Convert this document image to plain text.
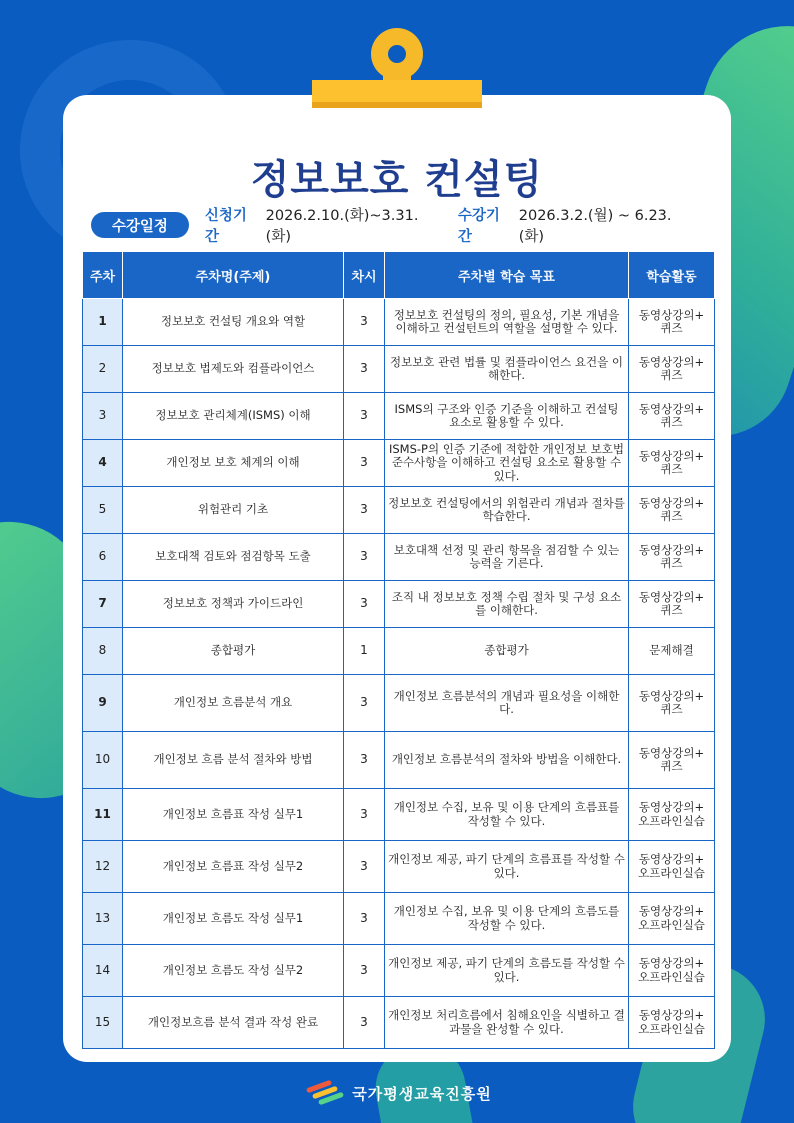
정보보호 컨설팅
수강일정
신청기간
2026.2.10.(화)~3.31.(화)
수강기간
2026.3.2.(월) ~ 6.23.(화)
주차	주차명(주제)	차시	주차별 학습 목표	학습활동
1	정보보호 컨설팅 개요와 역할	3	정보보호 컨설팅의 정의, 필요성, 기본 개념을 이해하고 컨설턴트의 역할을 설명할 수 있다.	동영상강의+ 퀴즈
2	정보보호 법제도와 컴플라이언스	3	정보보호 관련 법률 및 컴플라이언스 요건을 이해한다.	동영상강의+ 퀴즈
3	정보보호 관리체계(ISMS) 이해	3	ISMS의 구조와 인증 기준을 이해하고 컨설팅 요소로 활용할 수 있다.	동영상강의+ 퀴즈
4	개인정보 보호 체계의 이해	3	ISMS-P의 인증 기준에 적합한 개인정보 보호법 준수사항을 이해하고 컨설팅 요소로 활용할 수 있다.	동영상강의+ 퀴즈
5	위험관리 기초	3	정보보호 컨설팅에서의 위험관리 개념과 절차를 학습한다.	동영상강의+ 퀴즈
6	보호대책 검토와 점검항목 도출	3	보호대책 선정 및 관리 항목을 점검할 수 있는 능력을 기른다.	동영상강의+ 퀴즈
7	정보보호 정책과 가이드라인	3	조직 내 정보보호 정책 수립 절차 및 구성 요소를 이해한다.	동영상강의+ 퀴즈
8	종합평가	1	종합평가	문제해결
9	개인정보 흐름분석 개요	3	개인정보 흐름분석의 개념과 필요성을 이해한다.	동영상강의+ 퀴즈
10	개인정보 흐름 분석 절차와 방법	3	개인정보 흐름분석의 절차와 방법을 이해한다.	동영상강의+ 퀴즈
11	개인정보 흐름표 작성 실무1	3	개인정보 수집, 보유 및 이용 단계의 흐름표를 작성할 수 있다.	동영상강의+ 오프라인실습
12	개인정보 흐름표 작성 실무2	3	개인정보 제공, 파기 단계의 흐름표를 작성할 수 있다.	동영상강의+ 오프라인실습
13	개인정보 흐름도 작성 실무1	3	개인정보 수집, 보유 및 이용 단계의 흐름도를 작성할 수 있다.	동영상강의+ 오프라인실습
14	개인정보 흐름도 작성 실무2	3	개인정보 제공, 파기 단계의 흐름도를 작성할 수 있다.	동영상강의+ 오프라인실습
15	개인정보흐름 분석 결과 작성 완료	3	개인정보 처리흐름에서 침해요인을 식별하고 결과물을 완성할 수 있다.	동영상강의+ 오프라인실습
국가평생교육진흥원
